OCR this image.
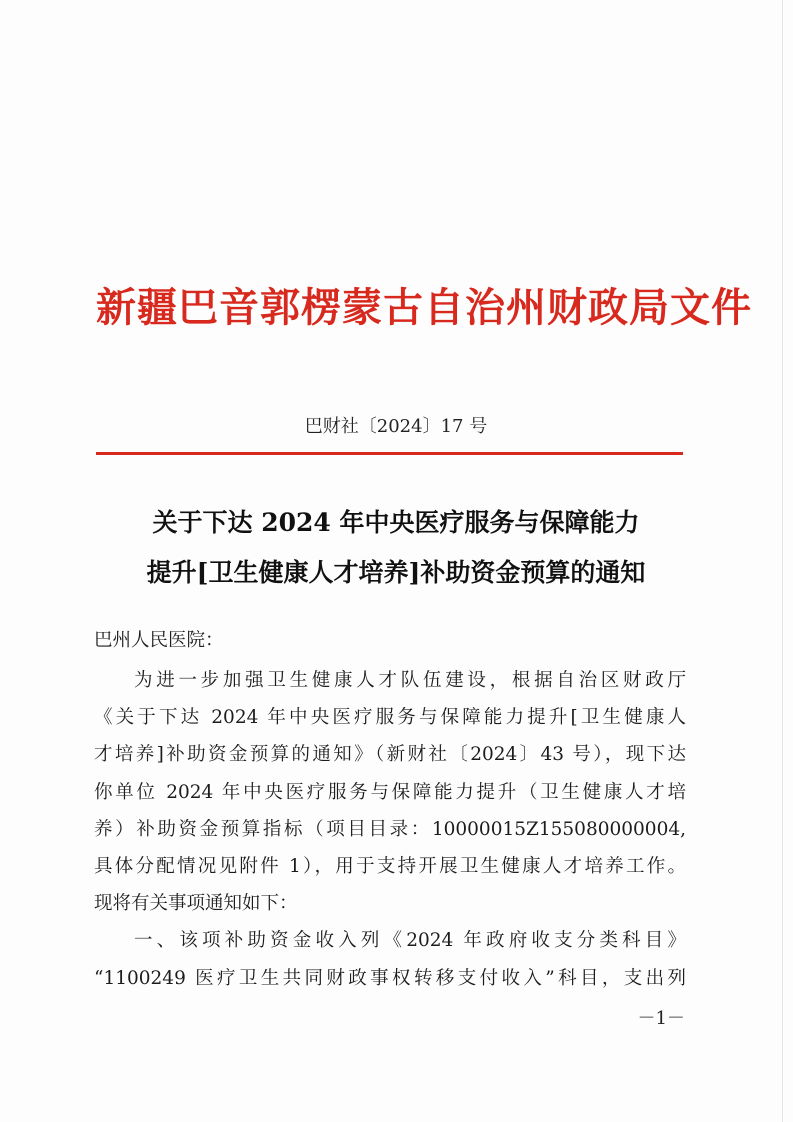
新疆巴音郭楞蒙古自治州财政局文件
巴财社〔2024〕17 号
关于下达 2024 年中央医疗服务与保障能力
提升[卫生健康人才培养]补助资金预算的通知
巴州人民医院：
为进一步加强卫生健康人才队伍建设，根据自治区财政厅
《关于下达 2024 年中央医疗服务与保障能力提升[卫生健康人
才培养]补助资金预算的通知》（新财社〔2024〕43 号），现下达
你单位 2024 年中央医疗服务与保障能力提升（卫生健康人才培
养）补助资金预算指标（项目目录：10000015Z155080000004,
具体分配情况见附件 1），用于支持开展卫生健康人才培养工作。
现将有关事项通知如下：
一、该项补助资金收入列《2024 年政府收支分类科目》
“1100249 医疗卫生共同财政事权转移支付收入”科目，支出列
－1－
